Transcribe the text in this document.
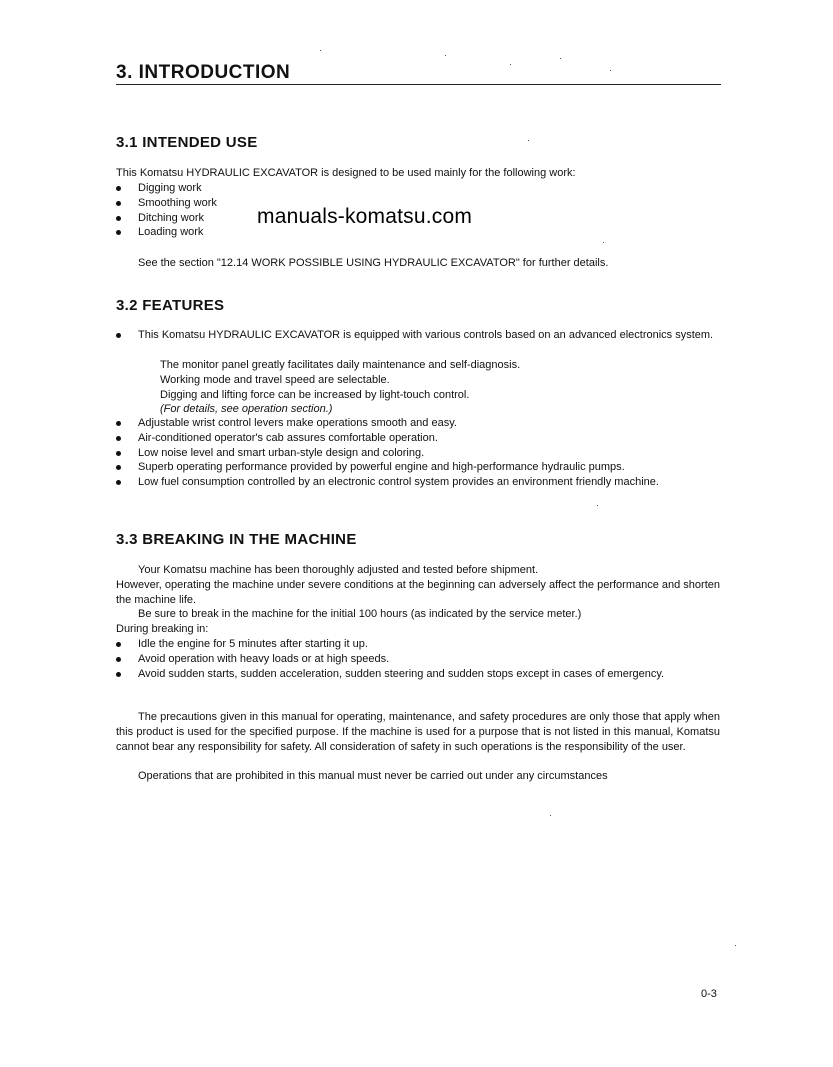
3. INTRODUCTION
3.1 INTENDED USE

This Komatsu HYDRAULIC EXCAVATOR is designed to be used mainly for the following work:

Digging work
Smoothing work
Ditching work
Loading work

manuals-komatsu.com

See the section "12.14 WORK POSSIBLE USING HYDRAULIC EXCAVATOR" for further details.

3.2 FEATURES
This Komatsu HYDRAULIC EXCAVATOR is equipped with various controls based on an advanced electronics system.
The monitor panel greatly facilitates daily maintenance and self-diagnosis.
Working mode and travel speed are selectable.
Digging and lifting force can be increased by light-touch control.
(For details, see operation section.)
Adjustable wrist control levers make operations smooth and easy.
Air-conditioned operator's cab assures comfortable operation.
Low noise level and smart urban-style design and coloring.
Superb operating performance provided by powerful engine and high-performance hydraulic pumps.
Low fuel consumption controlled by an electronic control system provides an environment friendly machine.
3.3 BREAKING IN THE MACHINE
Your Komatsu machine has been thoroughly adjusted and tested before shipment.
However, operating the machine under severe conditions at the beginning can adversely affect the performance and shorten the machine life.
Be sure to break in the machine for the initial 100 hours (as indicated by the service meter.)
During breaking in:
Idle the engine for 5 minutes after starting it up.
Avoid operation with heavy loads or at high speeds.
Avoid sudden starts, sudden acceleration, sudden steering and sudden stops except in cases of emergency.

The precautions given in this manual for operating, maintenance, and safety procedures are only those that apply when this product is used for the specified purpose. If the machine is used for a purpose that is not listed in this manual, Komatsu cannot bear any responsibility for safety. All consideration of safety in such operations is the responsibility of the user.

Operations that are prohibited in this manual must never be carried out under any circumstances

0-3
